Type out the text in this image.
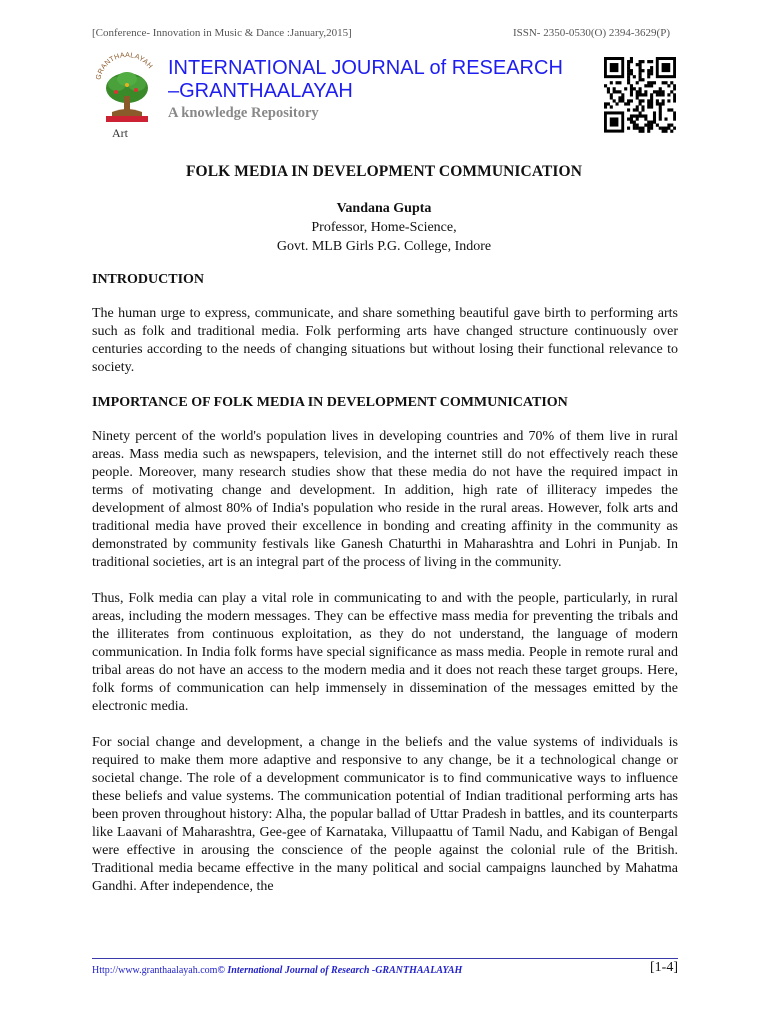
[Conference- Innovation in Music & Dance :January,2015]	ISSN- 2350-0530(O) 2394-3629(P)
GRANTHAALAYAH
Art
INTERNATIONAL JOURNAL of RESEARCH
–GRANTHAALAYAH
A knowledge Repository
FOLK MEDIA IN DEVELOPMENT COMMUNICATION
Vandana Gupta
Professor, Home-Science,
Govt. MLB Girls P.G. College, Indore
INTRODUCTION

The human urge to express, communicate, and share something beautiful gave birth to performing arts such as folk and traditional media. Folk performing arts have changed structure continuously over centuries according to the needs of changing situations but without losing their functional relevance to society.

IMPORTANCE OF FOLK MEDIA IN DEVELOPMENT COMMUNICATION

Ninety percent of the world's population lives in developing countries and 70% of them live in rural areas. Mass media such as newspapers, television, and the internet still do not effectively reach these people. Moreover, many research studies show that these media do not have the required impact in terms of motivating change and development. In addition, high rate of illiteracy impedes the development of almost 80% of India's population who reside in the rural areas. However, folk arts and traditional media have proved their excellence in bonding and creating affinity in the community as demonstrated by community festivals like Ganesh Chaturthi in Maharashtra and Lohri in Punjab. In traditional societies, art is an integral part of the process of living in the community.

Thus, Folk media can play a vital role in communicating to and with the people, particularly, in rural areas, including the modern messages. They can be effective mass media for preventing the tribals and the illiterates from continuous exploitation, as they do not understand, the language of modern communication. In India folk forms have special significance as mass media. People in remote rural and tribal areas do not have an access to the modern media and it does not reach these target groups. Here, folk forms of communication can help immensely in dissemination of the messages emitted by the electronic media.

For social change and development, a change in the beliefs and the value systems of individuals is required to make them more adaptive and responsive to any change, be it a technological change or societal change. The role of a development communicator is to find communicative ways to influence these beliefs and value systems. The communication potential of Indian traditional performing arts has been proven throughout history: Alha, the popular ballad of Uttar Pradesh in battles, and its counterparts like Laavani of Maharashtra, Gee-gee of Karnataka, Villupaattu of Tamil Nadu, and Kabigan of Bengal were effective in arousing the conscience of the people against the colonial rule of the British. Traditional media became effective in the many political and social campaigns launched by Mahatma Gandhi. After independence, the

Http://www.granthaalayah.com© International Journal of Research -GRANTHAALAYAH	[1-4]
